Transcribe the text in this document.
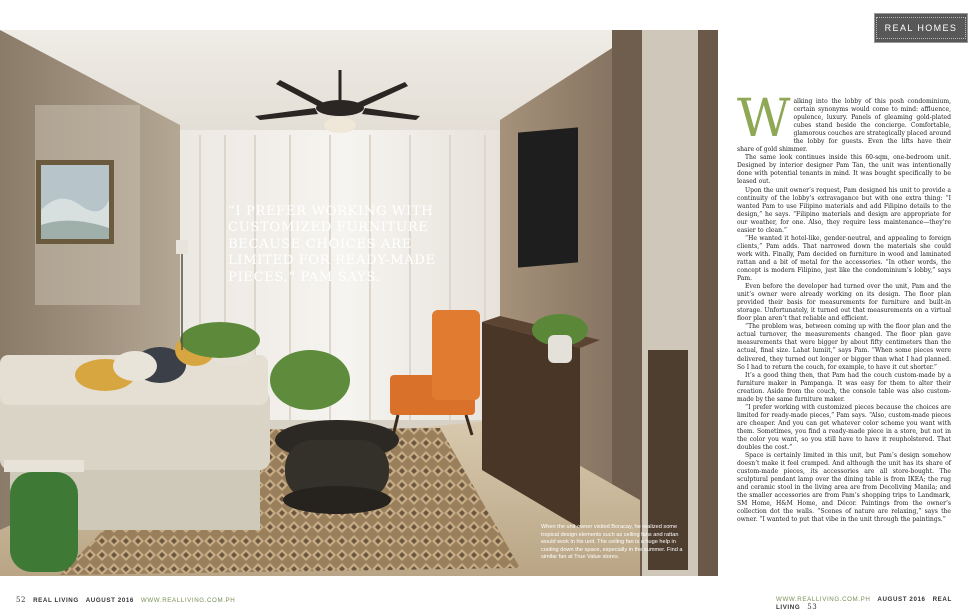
“I PREFER WORKING WITH CUSTOMIZED FURNITURE BECAUSE CHOICES ARE LIMITED FOR READY-MADE PIECES,” PAM SAYS.
When the unit owner visited Boracay, he realized some tropical design elements such as ceiling fans and rattan would work in his unit. The ceiling fan is a huge help in cooling down the space, especially in the summer. Find a similar fan at True Value stores.
REAL HOMES
W alking into the lobby of this posh condominium, certain synonyms would come to mind: affluence, opulence, luxury. Panels of gleaming gold-plated cubes stand beside the concierge. Comfortable, glamorous couches are strategically placed around the lobby for guests. Even the lifts have their share of gold shimmer.

The same look continues inside this 60-sqm, one-bedroom unit. Designed by interior designer Pam Tan, the unit was intentionally done with potential tenants in mind. It was bought specifically to be leased out.

Upon the unit owner’s request, Pam designed his unit to provide a continuity of the lobby’s extravagance but with one extra thing: “I wanted Pam to use Filipino materials and add Filipino details to the design,” he says. “Filipino materials and design are appropriate for our weather, for one. Also, they require less maintenance—they’re easier to clean.”

“He wanted it hotel-like, gender-neutral, and appealing to foreign clients,” Pam adds. That narrowed down the materials she could work with. Finally, Pam decided on furniture in wood and laminated rattan and a bit of metal for the accessories. “In other words, the concept is modern Filipino, just like the condominium’s lobby,” says Pam.

Even before the developer had turned over the unit, Pam and the unit’s owner were already working on its design. The floor plan provided their basis for measurements for furniture and built-in storage. Unfortunately, it turned out that measurements on a virtual floor plan aren’t that reliable and efficient.

“The problem was, between coming up with the floor plan and the actual turnover, the measurements changed. The floor plan gave measurements that were bigger by about fifty centimeters than the actual, final size. Lahat lumiit,” says Pam. “When some pieces were delivered, they turned out longer or bigger than what I had planned. So I had to return the couch, for example, to have it cut shorter.”

It’s a good thing then, that Pam had the couch custom-made by a furniture maker in Pampanga. It was easy for them to alter their creation. Aside from the couch, the console table was also custom-made by the same furniture maker.

“I prefer working with customized pieces because the choices are limited for ready-made pieces,” Pam says. “Also, custom-made pieces are cheaper. And you can get whatever color scheme you want with them. Sometimes, you find a ready-made piece in a store, but not in the color you want, so you still have to have it reupholstered. That doubles the cost.”

Space is certainly limited in this unit, but Pam’s design somehow doesn’t make it feel cramped. And although the unit has its share of custom-made pieces, its accessories are all store-bought. The sculptural pendant lamp over the dining table is from IKEA; the rug and ceramic stool in the living area are from Decoliving Manila; and the smaller accessories are from Pam’s shopping trips to Landmark, SM Home, H&M Home, and Décor. Paintings from the owner’s collection dot the walls. “Scenes of nature are relaxing,” says the owner. “I wanted to put that vibe in the unit through the paintings.”

52 REAL LIVING AUGUST 2016 WWW.REALLIVING.COM.PH	WWW.REALLIVING.COM.PH AUGUST 2016 REAL LIVING 53
